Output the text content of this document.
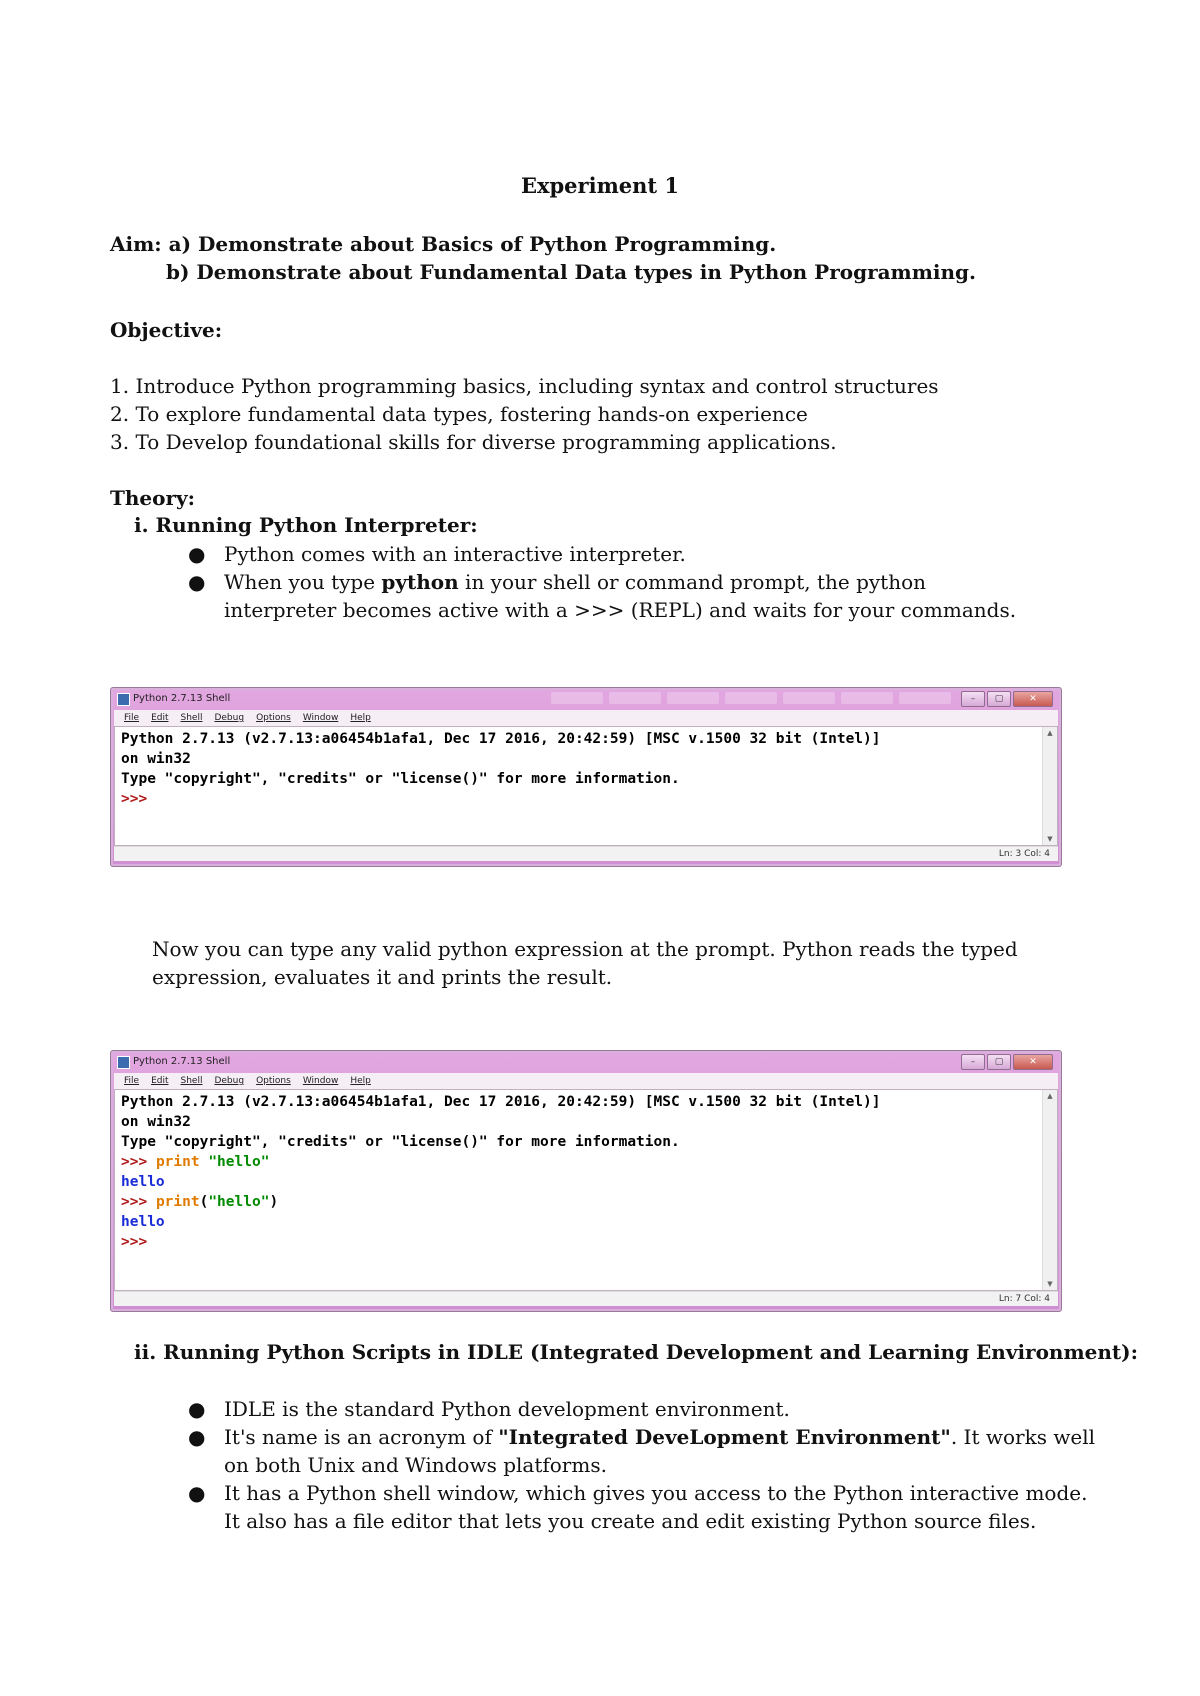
Experiment 1
Aim: a) Demonstrate about Basics of Python Programming.
b) Demonstrate about Fundamental Data types in Python Programming.
Objective:
1. Introduce Python programming basics, including syntax and control structures
2. To explore fundamental data types, fostering hands-on experience
3. To Develop foundational skills for diverse programming applications.
Theory:
i. Running Python Interpreter:
● Python comes with an interactive interpreter.
● When you type python in your shell or command prompt, the python interpreter becomes active with a >>> (REPL) and waits for your commands.
Python 2.7.13 Shell	–	▢	✕
File Edit Shell Debug Options Window Help
Python 2.7.13 (v2.7.13:a06454b1afa1, Dec 17 2016, 20:42:59) [MSC v.1500 32 bit (Intel)]
on win32
Type "copyright", "credits" or "license()" for more information.
>>>
▲
▼
Ln: 3 Col: 4
Now you can type any valid python expression at the prompt. Python reads the typed expression, evaluates it and prints the result.
Python 2.7.13 Shell	–	▢	✕
File Edit Shell Debug Options Window Help
Python 2.7.13 (v2.7.13:a06454b1afa1, Dec 17 2016, 20:42:59) [MSC v.1500 32 bit (Intel)]
on win32
Type "copyright", "credits" or "license()" for more information.
>>> print "hello"
hello
>>> print("hello")
hello
>>>
▲
▼
Ln: 7 Col: 4
ii. Running Python Scripts in IDLE (Integrated Development and Learning Environment):
● IDLE is the standard Python development environment.
● It's name is an acronym of "Integrated DeveLopment Environment". It works well on both Unix and Windows platforms.
● It has a Python shell window, which gives you access to the Python interactive mode. It also has a file editor that lets you create and edit existing Python source files.
